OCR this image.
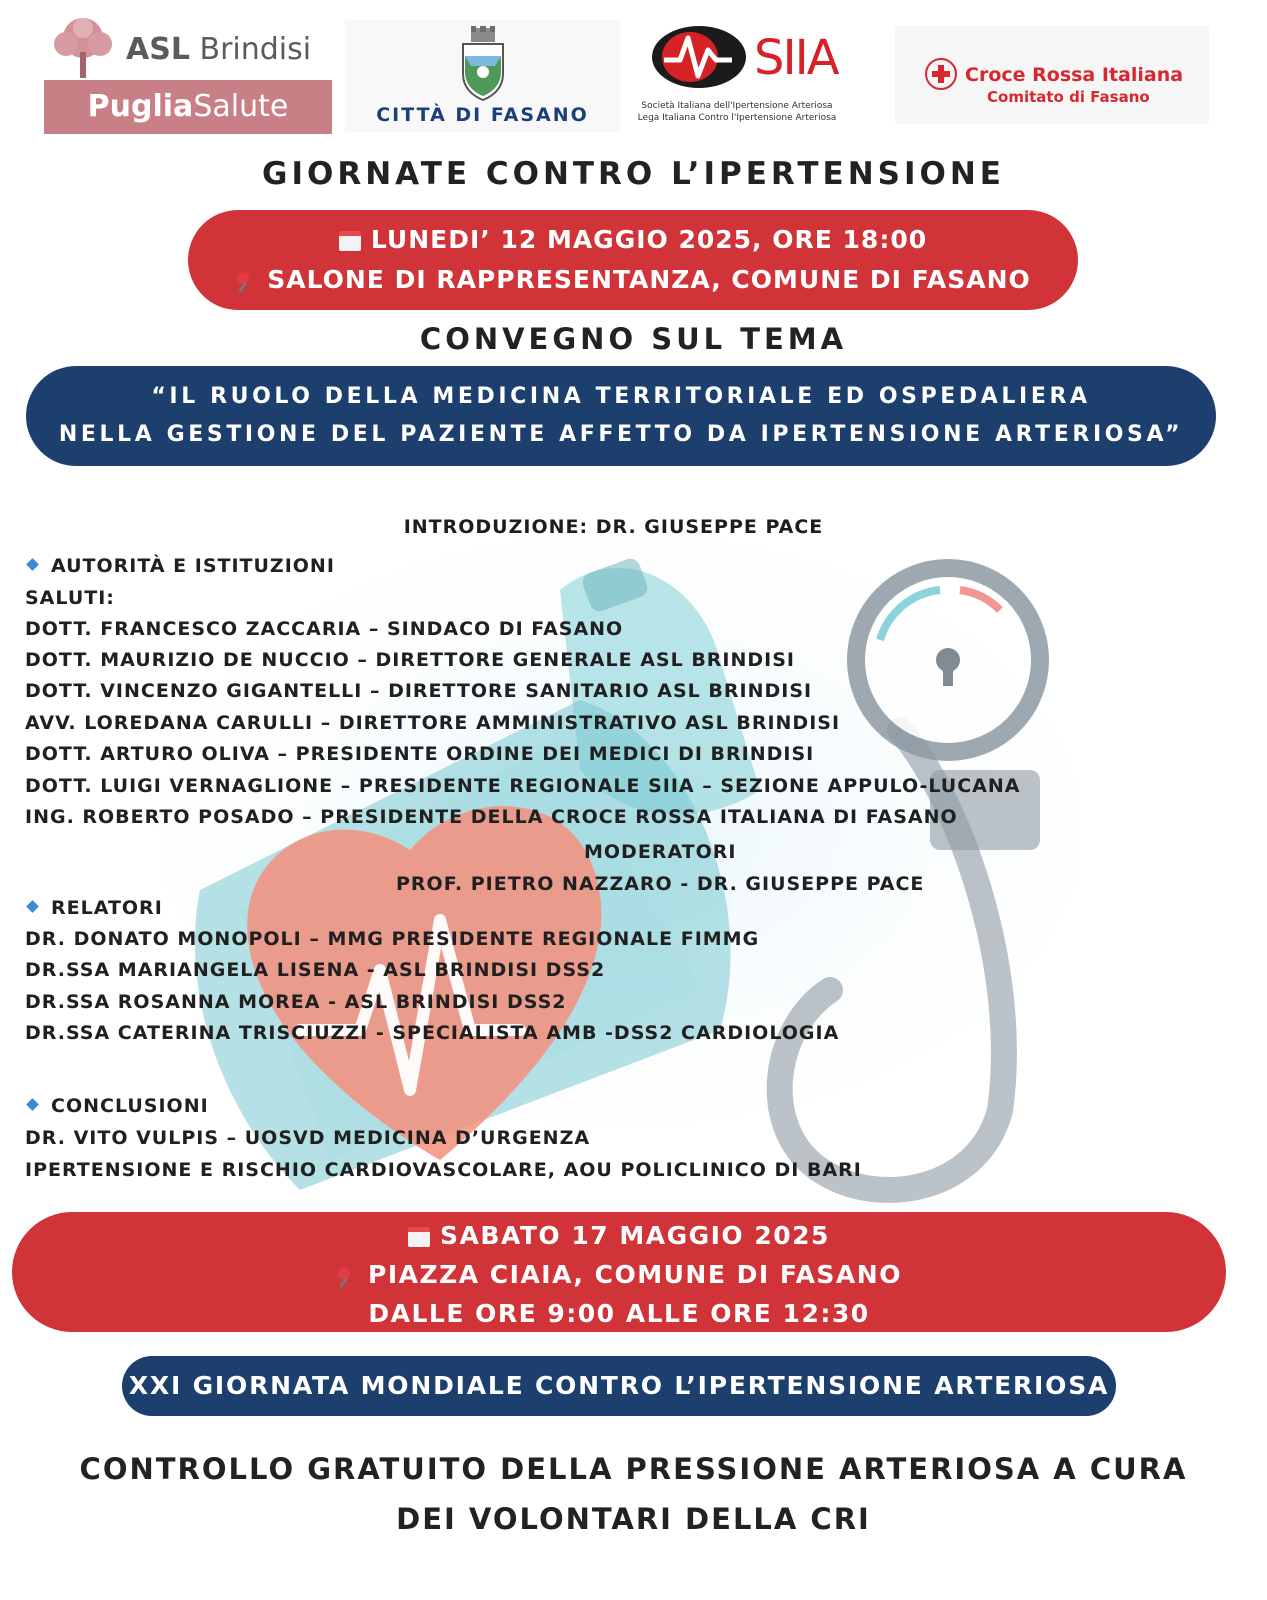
ASL Brindisi
PugliaSalute	CITTÀ DI FASANO
SIIA
Società Italiana dell'Ipertensione Arteriosa
Lega Italiana Contro l'Ipertensione Arteriosa
Croce Rossa Italiana
Comitato di Fasano
GIORNATE CONTRO L’IPERTENSIONE
LUNEDI’ 12 MAGGIO 2025, ORE 18:00
SALONE DI RAPPRESENTANZA, COMUNE DI FASANO
CONVEGNO SUL TEMA
“IL RUOLO DELLA MEDICINA TERRITORIALE ED OSPEDALIERA
NELLA GESTIONE DEL PAZIENTE AFFETTO DA IPERTENSIONE ARTERIOSA”
INTRODUZIONE: DR. GIUSEPPE PACE
AUTORITÀ E ISTITUZIONI
SALUTI:
DOTT. FRANCESCO ZACCARIA – SINDACO DI FASANO
DOTT. MAURIZIO DE NUCCIO – DIRETTORE GENERALE ASL BRINDISI
DOTT. VINCENZO GIGANTELLI – DIRETTORE SANITARIO ASL BRINDISI
AVV. LOREDANA CARULLI – DIRETTORE AMMINISTRATIVO ASL BRINDISI
DOTT. ARTURO OLIVA – PRESIDENTE ORDINE DEI MEDICI DI BRINDISI
DOTT. LUIGI VERNAGLIONE – PRESIDENTE REGIONALE SIIA – SEZIONE APPULO-LUCANA
ING. ROBERTO POSADO – PRESIDENTE DELLA CROCE ROSSA ITALIANA DI FASANO
MODERATORI
PROF. PIETRO NAZZARO - DR. GIUSEPPE PACE
RELATORI
DR. DONATO MONOPOLI – MMG PRESIDENTE REGIONALE FIMMG
DR.SSA MARIANGELA LISENA - ASL BRINDISI DSS2
DR.SSA ROSANNA MOREA - ASL BRINDISI DSS2
DR.SSA CATERINA TRISCIUZZI - SPECIALISTA AMB -DSS2 CARDIOLOGIA
CONCLUSIONI
DR. VITO VULPIS – UOSVD MEDICINA D’URGENZA
IPERTENSIONE E RISCHIO CARDIOVASCOLARE, AOU POLICLINICO DI BARI
SABATO 17 MAGGIO 2025
PIAZZA CIAIA, COMUNE DI FASANO
DALLE ORE 9:00 ALLE ORE 12:30
XXI GIORNATA MONDIALE CONTRO L’IPERTENSIONE ARTERIOSA
CONTROLLO GRATUITO DELLA PRESSIONE ARTERIOSA A CURA
DEI VOLONTARI DELLA CRI
